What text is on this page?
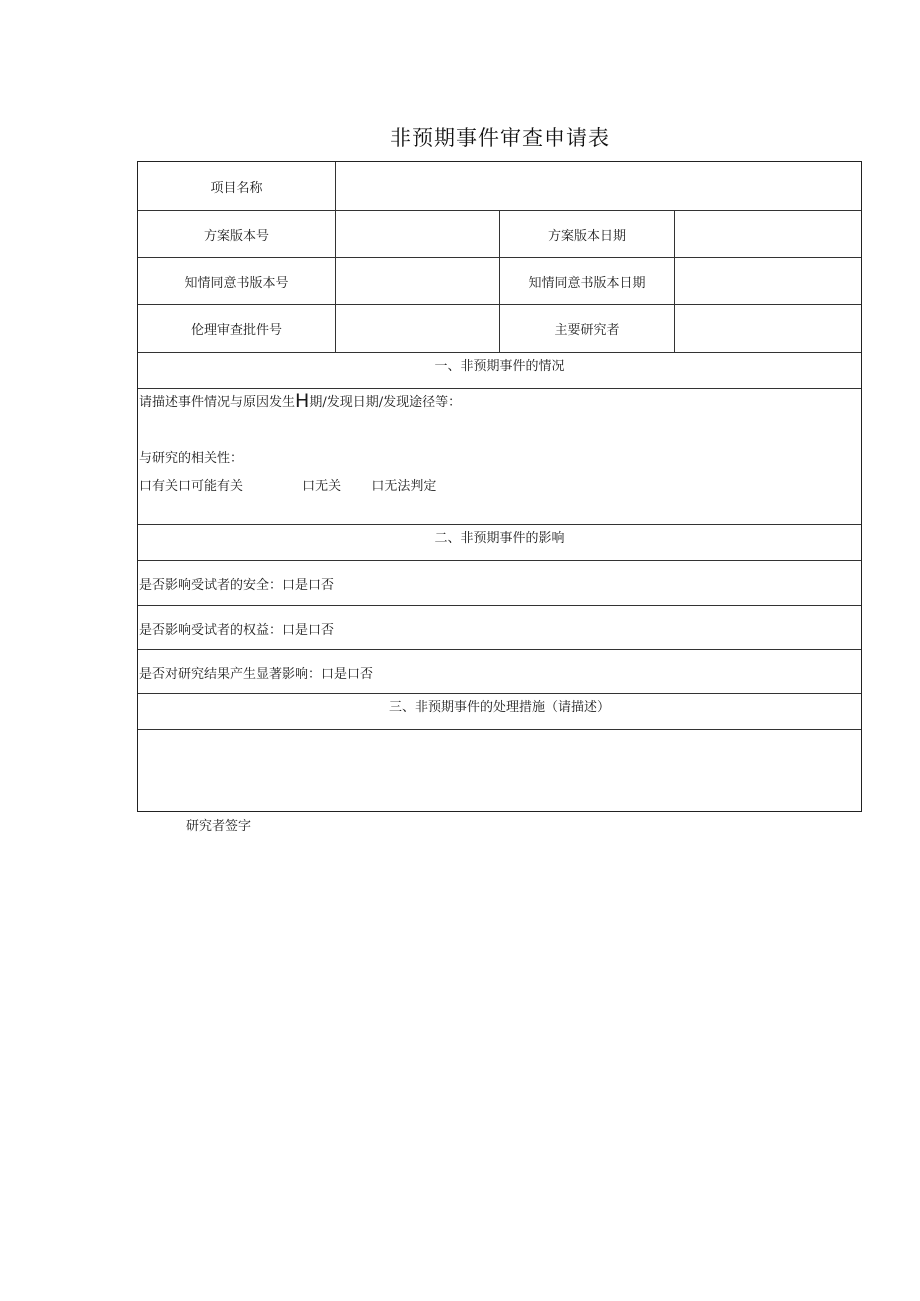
非预期事件审查申请表
项目名称
方案版本号	方案版本日期
知情同意书版本号	知情同意书版本日期
伦理审查批件号	主要研究者
一、非预期事件的情况
请描述事件情况与原因发生H期/发现日期/发现途径等：
与研究的相关性：
口有关口可能有关	口无关 口无法判定
二、非预期事件的影响
是否影响受试者的安全：口是口否
是否影响受试者的权益：口是口否
是否对研究结果产生显著影响：口是口否
三、非预期事件的处理措施（请描述）
研究者签字
